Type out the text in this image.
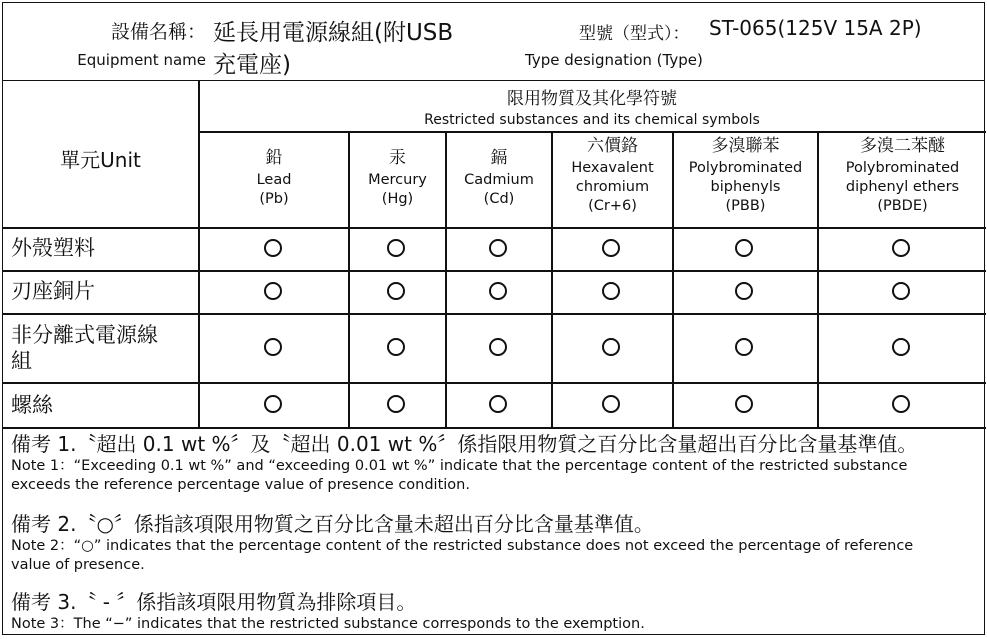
設備名稱：
Equipment name
延長用電源線組(附USB
充電座)
型號（型式）： ST-065(125V 15A 2P)
Type designation (Type)
單元Unit
限用物質及其化學符號
Restricted substances and its chemical symbols
鉛
Lead
(Pb)
汞
Mercury
(Hg)
鎘
Cadmium
(Cd)
六價鉻
Hexavalent
chromium
(Cr+6)
多溴聯苯
Polybrominated
biphenyls
(PBB)
多溴二苯醚
Polybrominated
diphenyl ethers
(PBDE)
外殼塑料
刃座銅片
非分離式電源線
組
螺絲
備考 1.〝超出 0.1 wt %〞及〝超出 0.01 wt %〞係指限用物質之百分比含量超出百分比含量基準值。
Note 1：“Exceeding 0.1 wt %” and “exceeding 0.01 wt %” indicate that the percentage content of the restricted substance
exceeds the reference percentage value of presence condition.
備考 2.〝○〞係指該項限用物質之百分比含量未超出百分比含量基準值。
Note 2：“○” indicates that the percentage content of the restricted substance does not exceed the percentage of reference
value of presence.
備考 3.〝 - 〞係指該項限用物質為排除項目。
Note 3：The “−” indicates that the restricted substance corresponds to the exemption.
